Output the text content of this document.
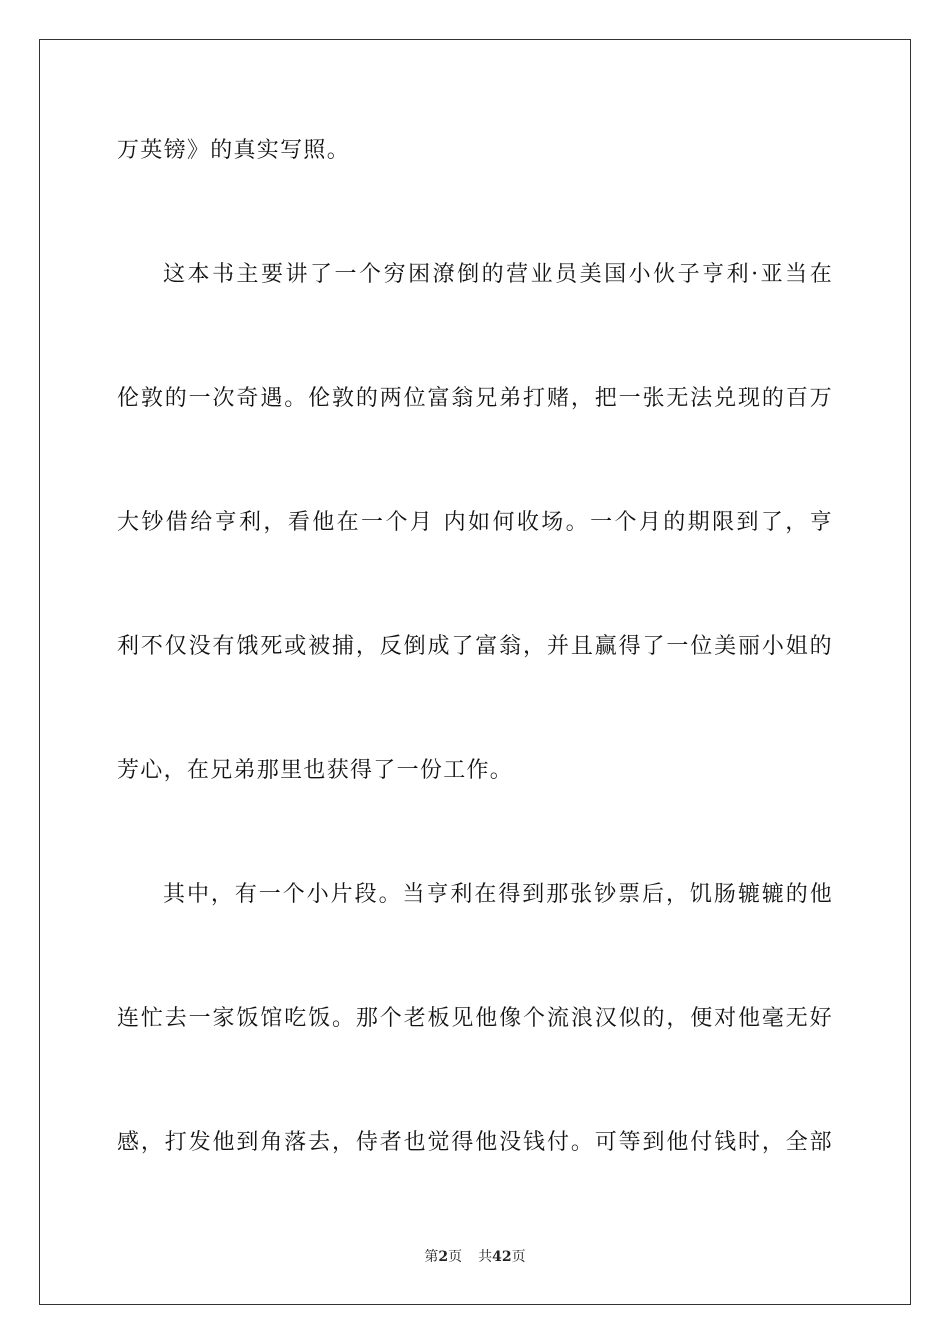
万英镑》的真实写照。
这本书主要讲了一个穷困潦倒的营业员美国小伙子亨利·亚当在
伦敦的一次奇遇。伦敦的两位富翁兄弟打赌，把一张无法兑现的百万
大钞借给亨利，看他在一个月 内如何收场。一个月的期限到了，亨
利不仅没有饿死或被捕，反倒成了富翁，并且赢得了一位美丽小姐的
芳心，在兄弟那里也获得了一份工作。
其中，有一个小片段。当亨利在得到那张钞票后，饥肠辘辘的他
连忙去一家饭馆吃饭。那个老板见他像个流浪汉似的，便对他毫无好
感，打发他到角落去，侍者也觉得他没钱付。可等到他付钱时，全部
第2页 共42页
